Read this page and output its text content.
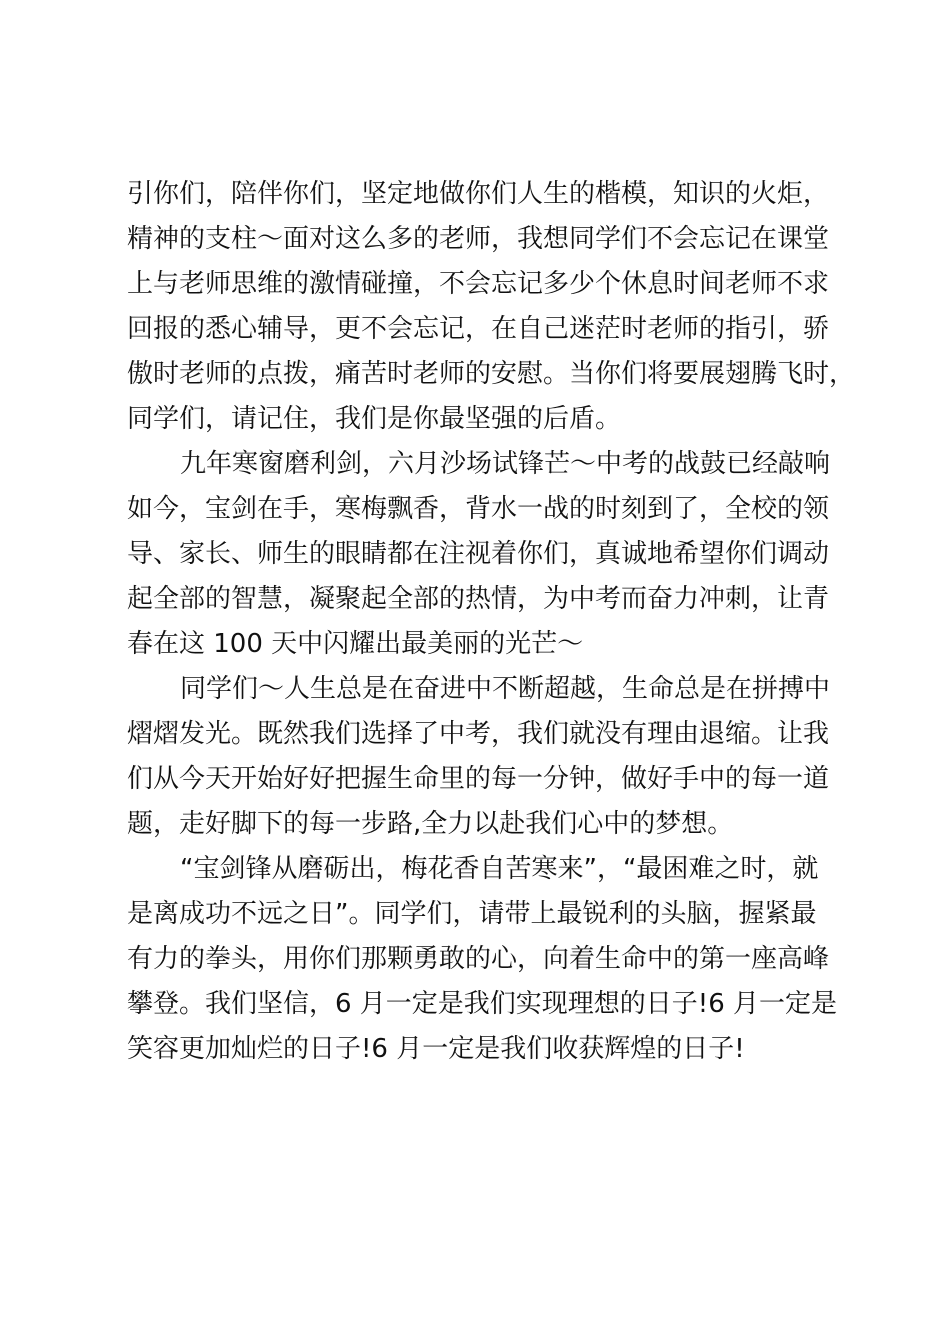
引你们，陪伴你们，坚定地做你们人生的楷模，知识的火炬，
精神的支柱～面对这么多的老师，我想同学们不会忘记在课堂
上与老师思维的激情碰撞，不会忘记多少个休息时间老师不求
回报的悉心辅导，更不会忘记，在自己迷茫时老师的指引，骄
傲时老师的点拨，痛苦时老师的安慰。当你们将要展翅腾飞时，
同学们，请记住，我们是你最坚强的后盾。
九年寒窗磨利剑，六月沙场试锋芒～中考的战鼓已经敲响
如今，宝剑在手，寒梅飘香，背水一战的时刻到了，全校的领
导、家长、师生的眼睛都在注视着你们，真诚地希望你们调动
起全部的智慧，凝聚起全部的热情，为中考而奋力冲刺，让青
春在这 100 天中闪耀出最美丽的光芒～
同学们～人生总是在奋进中不断超越，生命总是在拼搏中
熠熠发光。既然我们选择了中考，我们就没有理由退缩。让我
们从今天开始好好把握生命里的每一分钟，做好手中的每一道
题，走好脚下的每一步路,全力以赴我们心中的梦想。
“宝剑锋从磨砺出，梅花香自苦寒来”，“最困难之时，就
是离成功不远之日”。同学们，请带上最锐利的头脑，握紧最
有力的拳头，用你们那颗勇敢的心，向着生命中的第一座高峰
攀登。我们坚信，6 月一定是我们实现理想的日子!6 月一定是
笑容更加灿烂的日子!6 月一定是我们收获辉煌的日子!
